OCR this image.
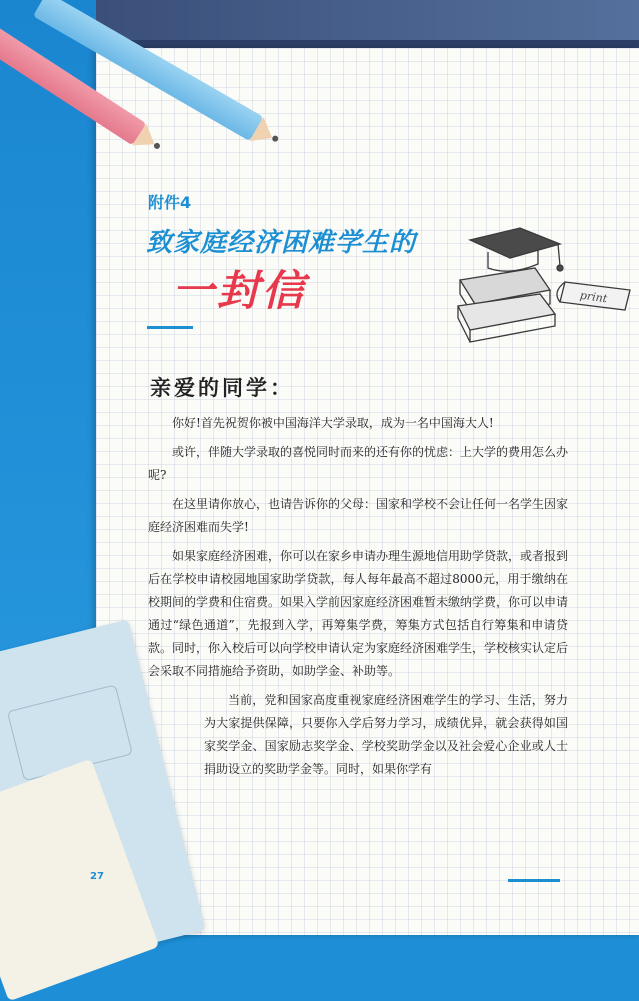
附件4
致家庭经济困难学生的
一封信	print
亲爱的同学：

你好!首先祝贺你被中国海洋大学录取，成为一名中国海大人!

或许，伴随大学录取的喜悦同时而来的还有你的忧虑：上大学的费用怎么办呢?

在这里请你放心，也请告诉你的父母：国家和学校不会让任何一名学生因家庭经济困难而失学!

如果家庭经济困难，你可以在家乡申请办理生源地信用助学贷款，或者报到后在学校申请校园地国家助学贷款，每人每年最高不超过8000元，用于缴纳在校期间的学费和住宿费。如果入学前因家庭经济困难暂未缴纳学费，你可以申请通过“绿色通道”，先报到入学，再筹集学费，筹集方式包括自行筹集和申请贷款。同时，你入校后可以向学校申请认定为家庭经济困难学生，学校核实认定后会采取不同措施给予资助，如助学金、补助等。

当前，党和国家高度重视家庭经济困难学生的学习、生活，努力为大家提供保障，只要你入学后努力学习，成绩优异，就会获得如国家奖学金、国家励志奖学金、学校奖助学金以及社会爱心企业或人士捐助设立的奖助学金等。同时，如果你学有

27
